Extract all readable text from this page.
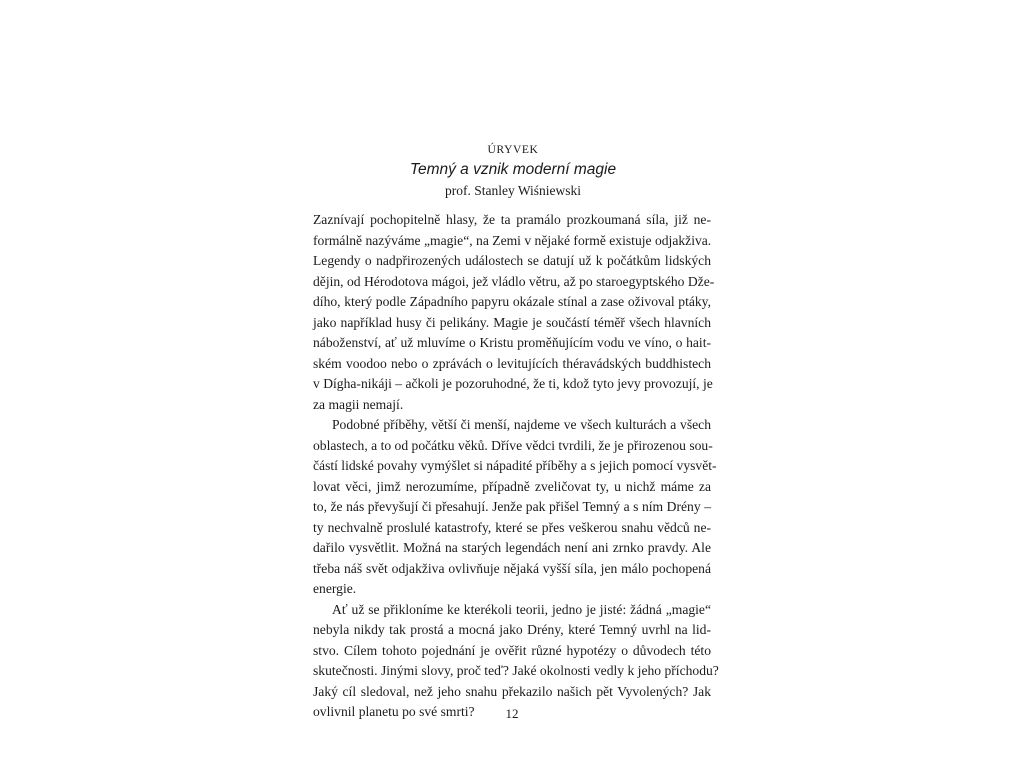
ÚRYVEK
Temný a vznik moderní magie
prof. Stanley Wiśniewski
Zaznívají pochopitelně hlasy, že ta pramálo prozkoumaná síla, již ne-
formálně nazýváme „magie“, na Zemi v nějaké formě existuje odjakživa.
Legendy o nadpřirozených událostech se datují už k počátkům lidských
dějin, od Hérodotova mágoi, jež vládlo větru, až po staroegyptského Dže-
dího, který podle Západního papyru okázale stínal a zase oživoval ptáky,
jako například husy či pelikány. Magie je součástí téměř všech hlavních
náboženství, ať už mluvíme o Kristu proměňujícím vodu ve víno, o hait-
ském voodoo nebo o zprávách o levitujících théravádských buddhistech
v Dígha-nikáji – ačkoli je pozoruhodné, že ti, kdož tyto jevy provozují, je
za magii nemají.
Podobné příběhy, větší či menší, najdeme ve všech kulturách a všech
oblastech, a to od počátku věků. Dříve vědci tvrdili, že je přirozenou sou-
částí lidské povahy vymýšlet si nápadité příběhy a s jejich pomocí vysvět-
lovat věci, jimž nerozumíme, případně zveličovat ty, u nichž máme za
to, že nás převyšují či přesahují. Jenže pak přišel Temný a s ním Drény –
ty nechvalně proslulé katastrofy, které se přes veškerou snahu vědců ne-
dařilo vysvětlit. Možná na starých legendách není ani zrnko pravdy. Ale
třeba náš svět odjakživa ovlivňuje nějaká vyšší síla, jen málo pochopená
energie.
Ať už se přikloníme ke kterékoli teorii, jedno je jisté: žádná „magie“
nebyla nikdy tak prostá a mocná jako Drény, které Temný uvrhl na lid-
stvo. Cílem tohoto pojednání je ověřit různé hypotézy o důvodech této
skutečnosti. Jinými slovy, proč teď? Jaké okolnosti vedly k jeho příchodu?
Jaký cíl sledoval, než jeho snahu překazilo našich pět Vyvolených? Jak
ovlivnil planetu po své smrti?	12
